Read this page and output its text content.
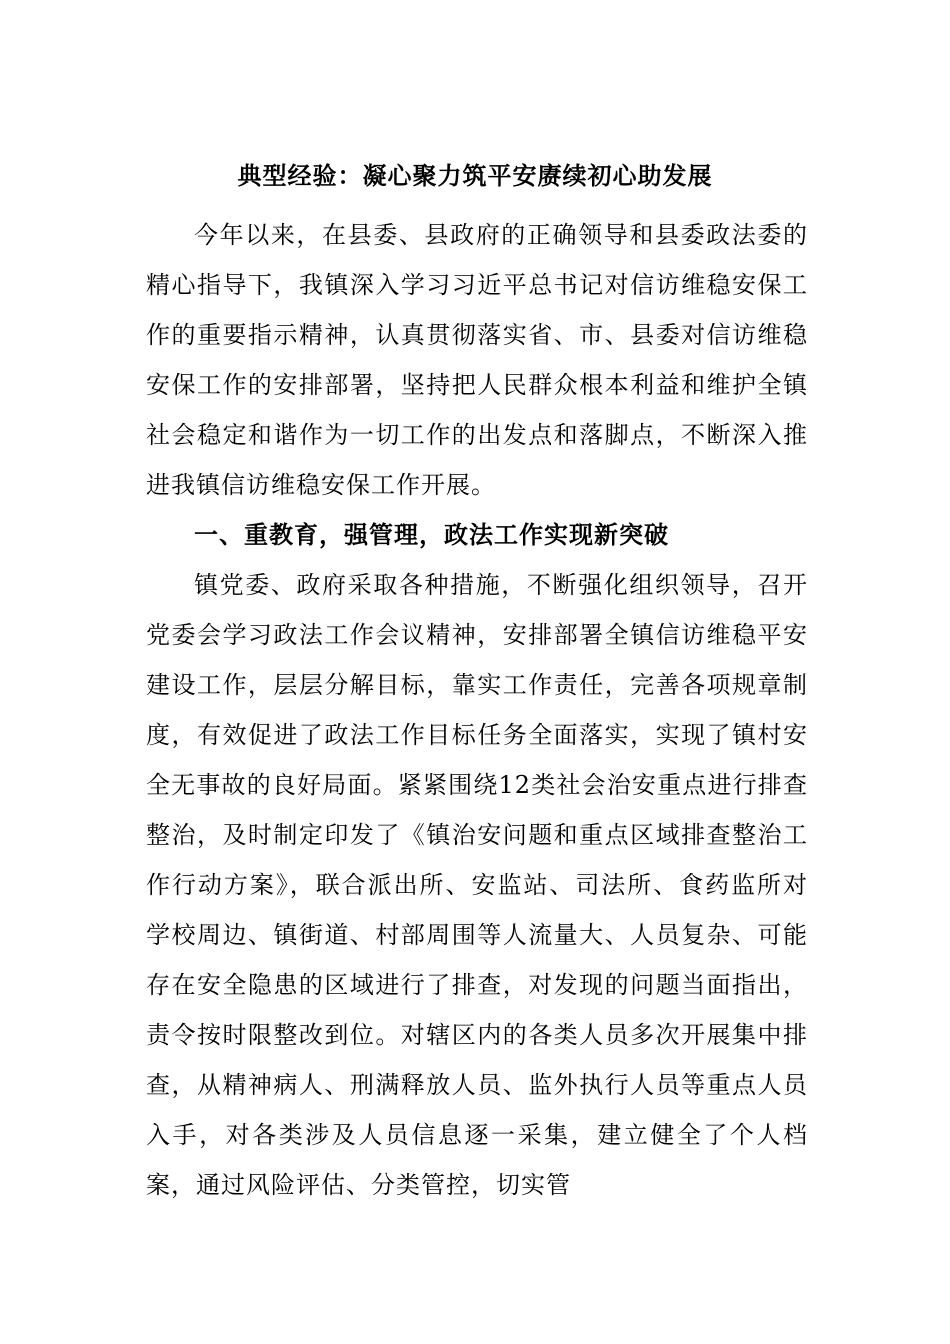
典型经验：凝心聚力筑平安赓续初心助发展

今年以来，在县委、县政府的正确领导和县委政法委的精心指导下，我镇深入学习习近平总书记对信访维稳安保工作的重要指示精神，认真贯彻落实省、市、县委对信访维稳安保工作的安排部署，坚持把人民群众根本利益和维护全镇社会稳定和谐作为一切工作的出发点和落脚点，不断深入推进我镇信访维稳安保工作开展。

一、重教育，强管理，政法工作实现新突破

镇党委、政府采取各种措施，不断强化组织领导，召开党委会学习政法工作会议精神，安排部署全镇信访维稳平安建设工作，层层分解目标，靠实工作责任，完善各项规章制度，有效促进了政法工作目标任务全面落实，实现了镇村安全无事故的良好局面。紧紧围绕12类社会治安重点进行排查整治，及时制定印发了《镇治安问题和重点区域排查整治工作行动方案》，联合派出所、安监站、司法所、食药监所对学校周边、镇街道、村部周围等人流量大、人员复杂、可能存在安全隐患的区域进行了排查，对发现的问题当面指出，责令按时限整改到位。对辖区内的各类人员多次开展集中排查，从精神病人、刑满释放人员、监外执行人员等重点人员入手，对各类涉及人员信息逐一采集，建立健全了个人档案，通过风险评估、分类管控，切实管
